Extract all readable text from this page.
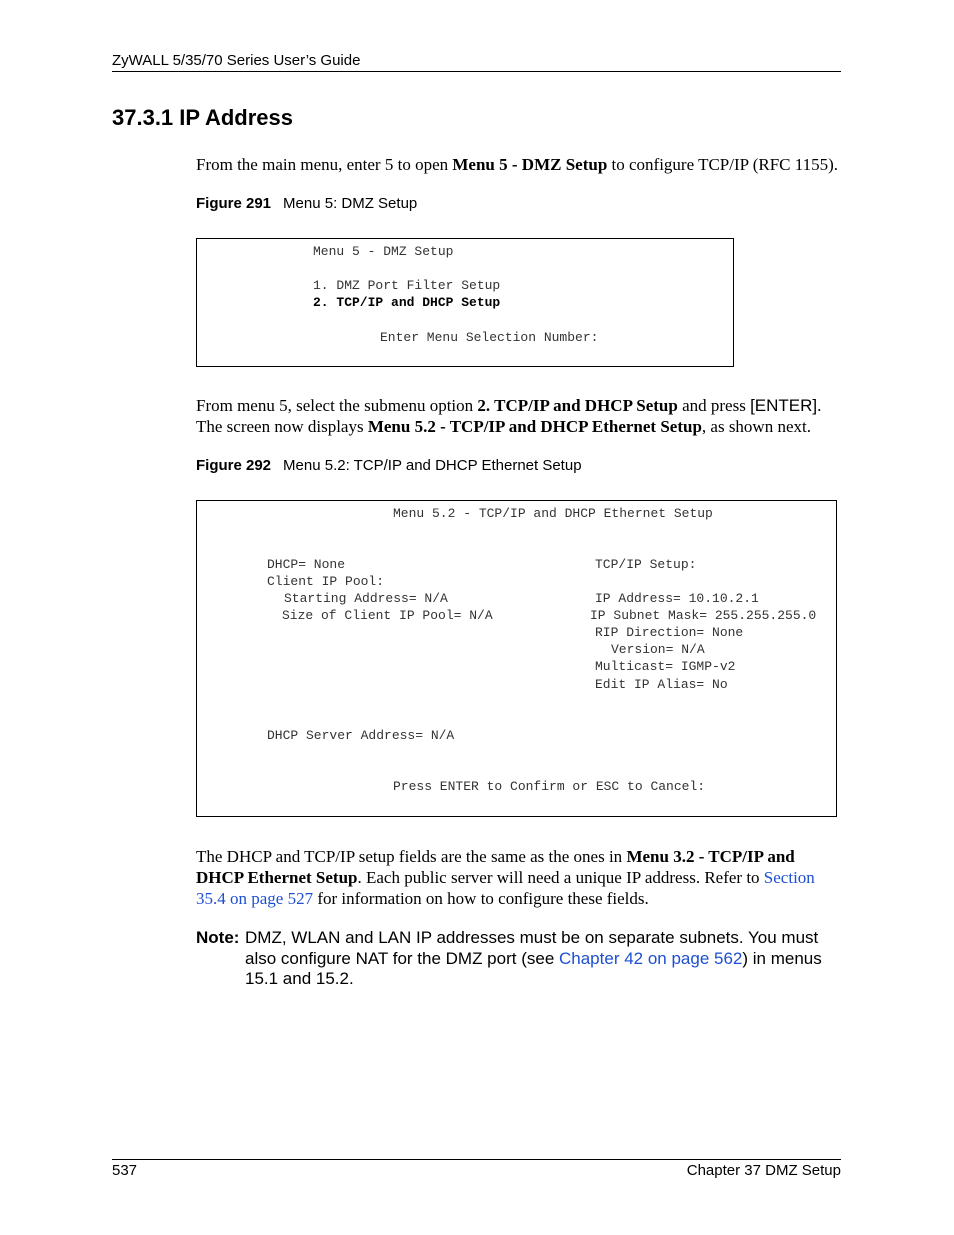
ZyWALL 5/35/70 Series User’s Guide
37.3.1 IP Address
From the main menu, enter 5 to open Menu 5 - DMZ Setup to configure TCP/IP (RFC 1155).
Figure 291 Menu 5: DMZ Setup
Menu 5 - DMZ Setup
1. DMZ Port Filter Setup
2. TCP/IP and DHCP Setup
Enter Menu Selection Number:
From menu 5, select the submenu option 2. TCP/IP and DHCP Setup and press [ENTER].
The screen now displays Menu 5.2 - TCP/IP and DHCP Ethernet Setup, as shown next.
Figure 292 Menu 5.2: TCP/IP and DHCP Ethernet Setup
Menu 5.2 - TCP/IP and DHCP Ethernet Setup
DHCP= None
Client IP Pool:
Starting Address= N/A
Size of Client IP Pool= N/A
TCP/IP Setup:
IP Address= 10.10.2.1
IP Subnet Mask= 255.255.255.0
RIP Direction= None
Version= N/A
Multicast= IGMP-v2
Edit IP Alias= No
DHCP Server Address= N/A
Press ENTER to Confirm or ESC to Cancel:
The DHCP and TCP/IP setup fields are the same as the ones in Menu 3.2 - TCP/IP and
DHCP Ethernet Setup. Each public server will need a unique IP address. Refer to Section
35.4 on page 527 for information on how to configure these fields.
Note: DMZ, WLAN and LAN IP addresses must be on separate subnets. You must
also configure NAT for the DMZ port (see Chapter 42 on page 562) in menus
15.1 and 15.2.
537	Chapter 37 DMZ Setup
